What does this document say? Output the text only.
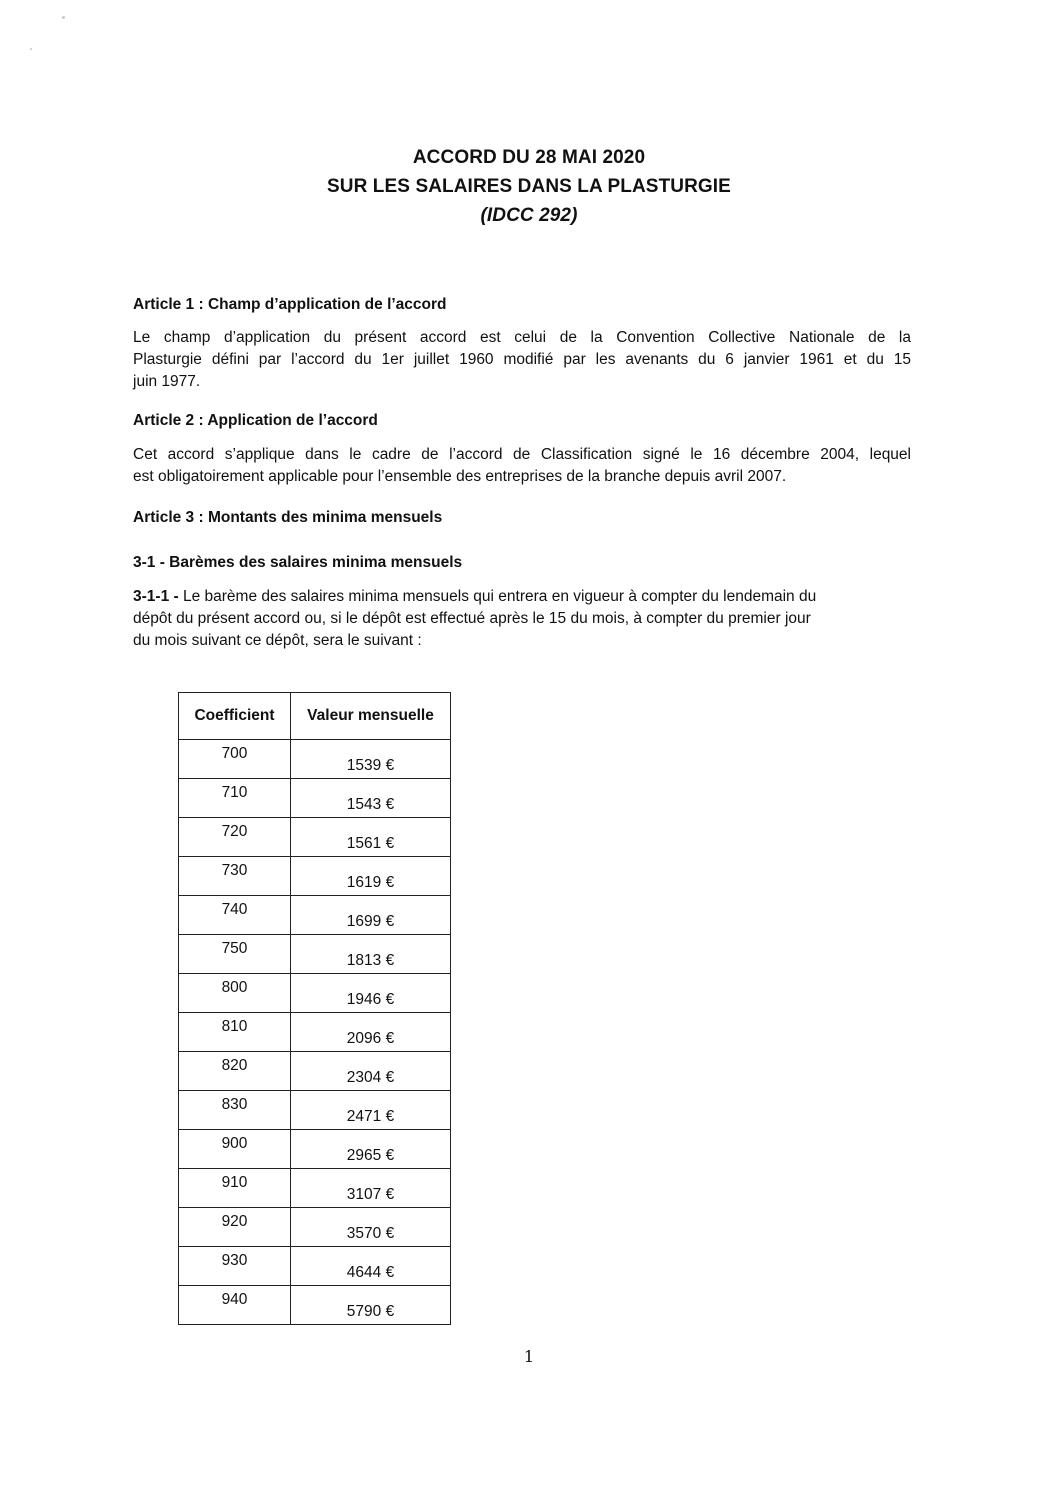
ACCORD DU 28 MAI 2020
SUR LES SALAIRES DANS LA PLASTURGIE
(IDCC 292)

Article 1 : Champ d’application de l’accord

Le champ d’application du présent accord est celui de la Convention Collective Nationale de la

Plasturgie défini par l’accord du 1er juillet 1960 modifié par les avenants du 6 janvier 1961 et du 15

juin 1977.

Article 2 : Application de l’accord

Cet accord s’applique dans le cadre de l’accord de Classification signé le 16 décembre 2004, lequel

est obligatoirement applicable pour l’ensemble des entreprises de la branche depuis avril 2007.

Article 3 : Montants des minima mensuels

3-1 - Barèmes des salaires minima mensuels

3-1-1 - Le barème des salaires minima mensuels qui entrera en vigueur à compter du lendemain du

dépôt du présent accord ou, si le dépôt est effectué après le 15 du mois, à compter du premier jour

du mois suivant ce dépôt, sera le suivant :

Coefficient	Valeur mensuelle
700	1539 €
710	1543 €
720	1561 €
730	1619 €
740	1699 €
750	1813 €
800	1946 €
810	2096 €
820	2304 €
830	2471 €
900	2965 €
910	3107 €
920	3570 €
930	4644 €
940	5790 €
1
